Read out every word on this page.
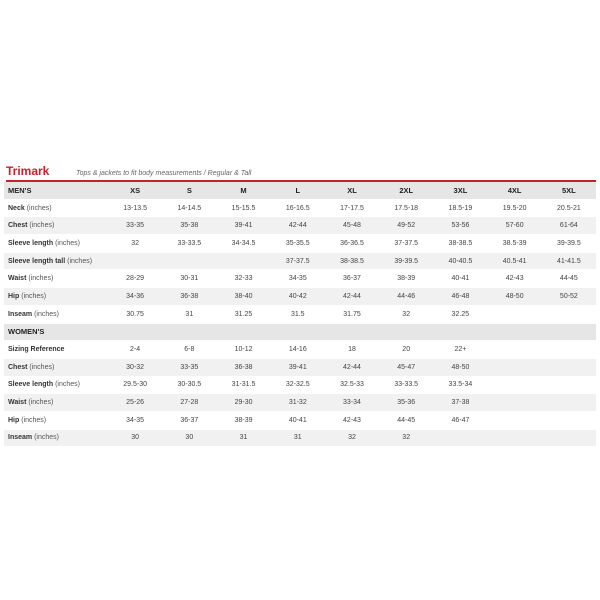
Trimark	Tops & jackets to fit body measurements / Regular & Tall
MEN'S	XS	S	M	L	XL	2XL	3XL	4XL	5XL
Neck (inches)	13-13.5	14-14.5	15-15.5	16-16.5	17-17.5	17.5-18	18.5-19	19.5-20	20.5-21
Chest (inches)	33-35	35-38	39-41	42-44	45-48	49-52	53-56	57-60	61-64
Sleeve length (inches)	32	33-33.5	34-34.5	35-35.5	36-36.5	37-37.5	38-38.5	38.5-39	39-39.5
Sleeve length tall (inches)				37-37.5	38-38.5	39-39.5	40-40.5	40.5-41	41-41.5
Waist (inches)	28-29	30-31	32-33	34-35	36-37	38-39	40-41	42-43	44-45
Hip (inches)	34-36	36-38	38-40	40-42	42-44	44-46	46-48	48-50	50-52
Inseam (inches)	30.75	31	31.25	31.5	31.75	32	32.25		
WOMEN'S									
Sizing Reference	2-4	6-8	10-12	14-16	18	20	22+		
Chest (inches)	30-32	33-35	36-38	39-41	42-44	45-47	48-50		
Sleeve length (inches)	29.5-30	30-30.5	31-31.5	32-32.5	32.5-33	33-33.5	33.5-34		
Waist (inches)	25-26	27-28	29-30	31-32	33-34	35-36	37-38		
Hip (inches)	34-35	36-37	38-39	40-41	42-43	44-45	46-47		
Inseam (inches)	30	30	31	31	32	32			
